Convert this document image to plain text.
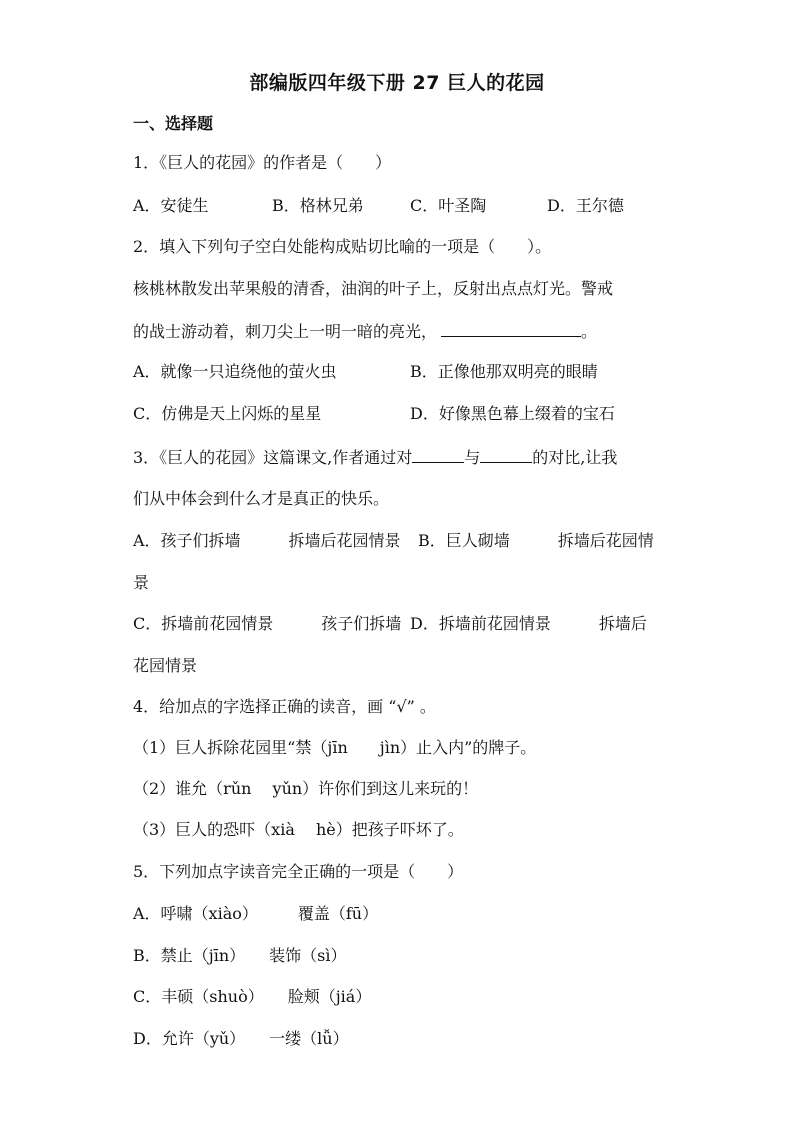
部编版四年级下册 27 巨人的花园
一、选择题
1．《巨人的花园》的作者是（　　）
A．安徒生	B．格林兄弟	C．叶圣陶	D．王尔德
2．填入下列句子空白处能构成贴切比喻的一项是（　　）。
核桃林散发出苹果般的清香，油润的叶子上，反射出点点灯光。警戒
的战士游动着，刺刀尖上一明一暗的亮光，	。
A．就像一只追绕他的萤火虫	B．正像他那双明亮的眼睛
C．仿佛是天上闪烁的星星	D．好像黑色幕上缀着的宝石
3．《巨人的花园》这篇课文,作者通过对	与	的对比,让我
们从中体会到什么才是真正的快乐。
A．孩子们拆墙　　　拆墙后花园情景 B．巨人砌墙　　　拆墙后花园情
景
C．拆墙前花园情景　　　孩子们拆墙 D．拆墙前花园情景　　　拆墙后
花园情景
4．给加点的字选择正确的读音，画 “√” 。
（1）巨人拆除花园里“禁（jīn　　jìn）止入内”的牌子。
（2）谁允（rǔn　 yǔn）许你们到这儿来玩的！
（3）巨人的恐吓（xià　 hè）把孩子吓坏了。
5．下列加点字读音完全正确的一项是（　　）
A．呼啸（xiào）　　　覆盖（fū）
B．禁止（jīn）　　装饰（sì）
C．丰硕（shuò）　　脸颊（jiá）
D．允许（yǔ）　　一缕（lǚ）
